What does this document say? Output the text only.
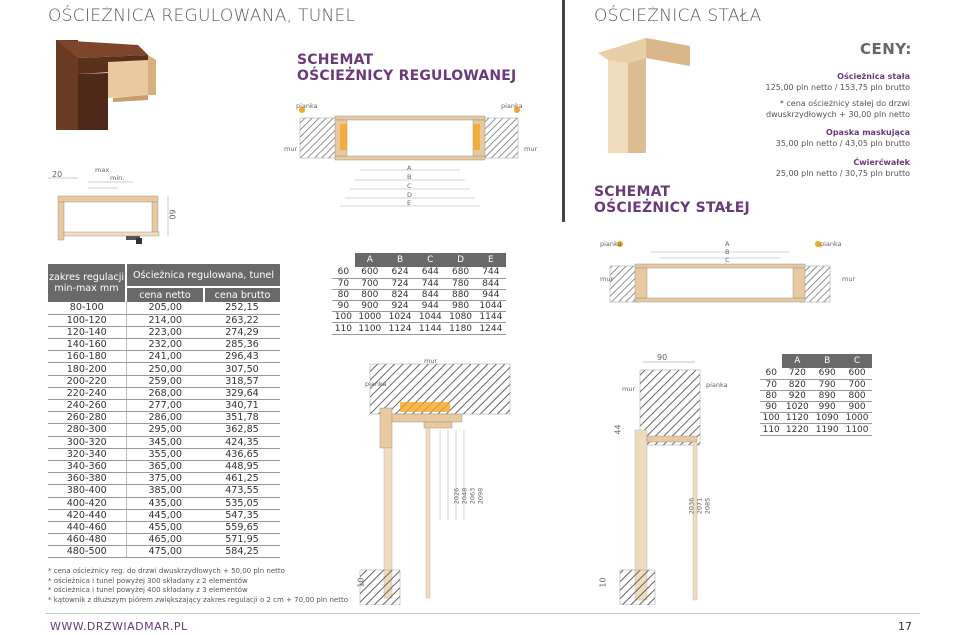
OŚCIEŻNICA REGULOWANA, TUNEL	OŚCIEŻNICA STAŁA
20	max
min.
60
SCHEMAT
OŚCIEŻNICY REGULOWANEJ
pianka	pianka
mur	mur
A
B
C
D
E
CENY:
Ościeżnica stała
125,00 pln netto / 153,75 pln brutto
* cena ościeżnicy stałej do drzwi dwuskrzydłowych + 30,00 pln netto
Opaska maskująca
35,00 pln netto / 43,05 pln brutto
Ćwierćwałek
25,00 pln netto / 30,75 pln brutto
SCHEMAT
OŚCIEŻNICY STAŁEJ
zakres regulacji min-max mm	Ościeżnica regulowana, tunel	
	cena netto	cena brutto
80-100	205,00	252,15
100-120	214,00	263,22
120-140	223,00	274,29
140-160	232,00	285,36
160-180	241,00	296,43
180-200	250,00	307,50
200-220	259,00	318,57
220-240	268,00	329,64
240-260	277,00	340,71
260-280	286,00	351,78
280-300	295,00	362,85
300-320	345,00	424,35
320-340	355,00	436,65
340-360	365,00	448,95
360-380	375,00	461,25
380-400	385,00	473,55
400-420	435,00	535,05
420-440	445,00	547,35
440-460	455,00	559,65
460-480	465,00	571,95
480-500	475,00	584,25
	A	B	C	D	E
60	600	624	644	680	744
70	700	724	744	780	844
80	800	824	844	880	944
90	900	924	944	980	1044
100	1000	1024	1044	1080	1144
110	1100	1124	1144	1180	1244
mur
pianka
10
2026 2048 2063 2098
pianka	pianka
A
B
C
mur	mur
90
mur	pianka
44
10
2036 2071 2085
	A	B	C
60	720	690	600
70	820	790	700
80	920	890	800
90	1020	990	900
100	1120	1090	1000
110	1220	1190	1100
* cena ościeżnicy reg. do drzwi dwuskrzydłowych + 50,00 pln netto
* ościeżnica i tunel powyżej 300 składany z 2 elementów
* ościeżnica i tunel powyżej 400 składany z 3 elementów
* kątownik z dłuższym piórem zwiększający zakres regulacji o 2 cm + 70,00 pln netto
WWW.DRZWIADMAR.PL	17
